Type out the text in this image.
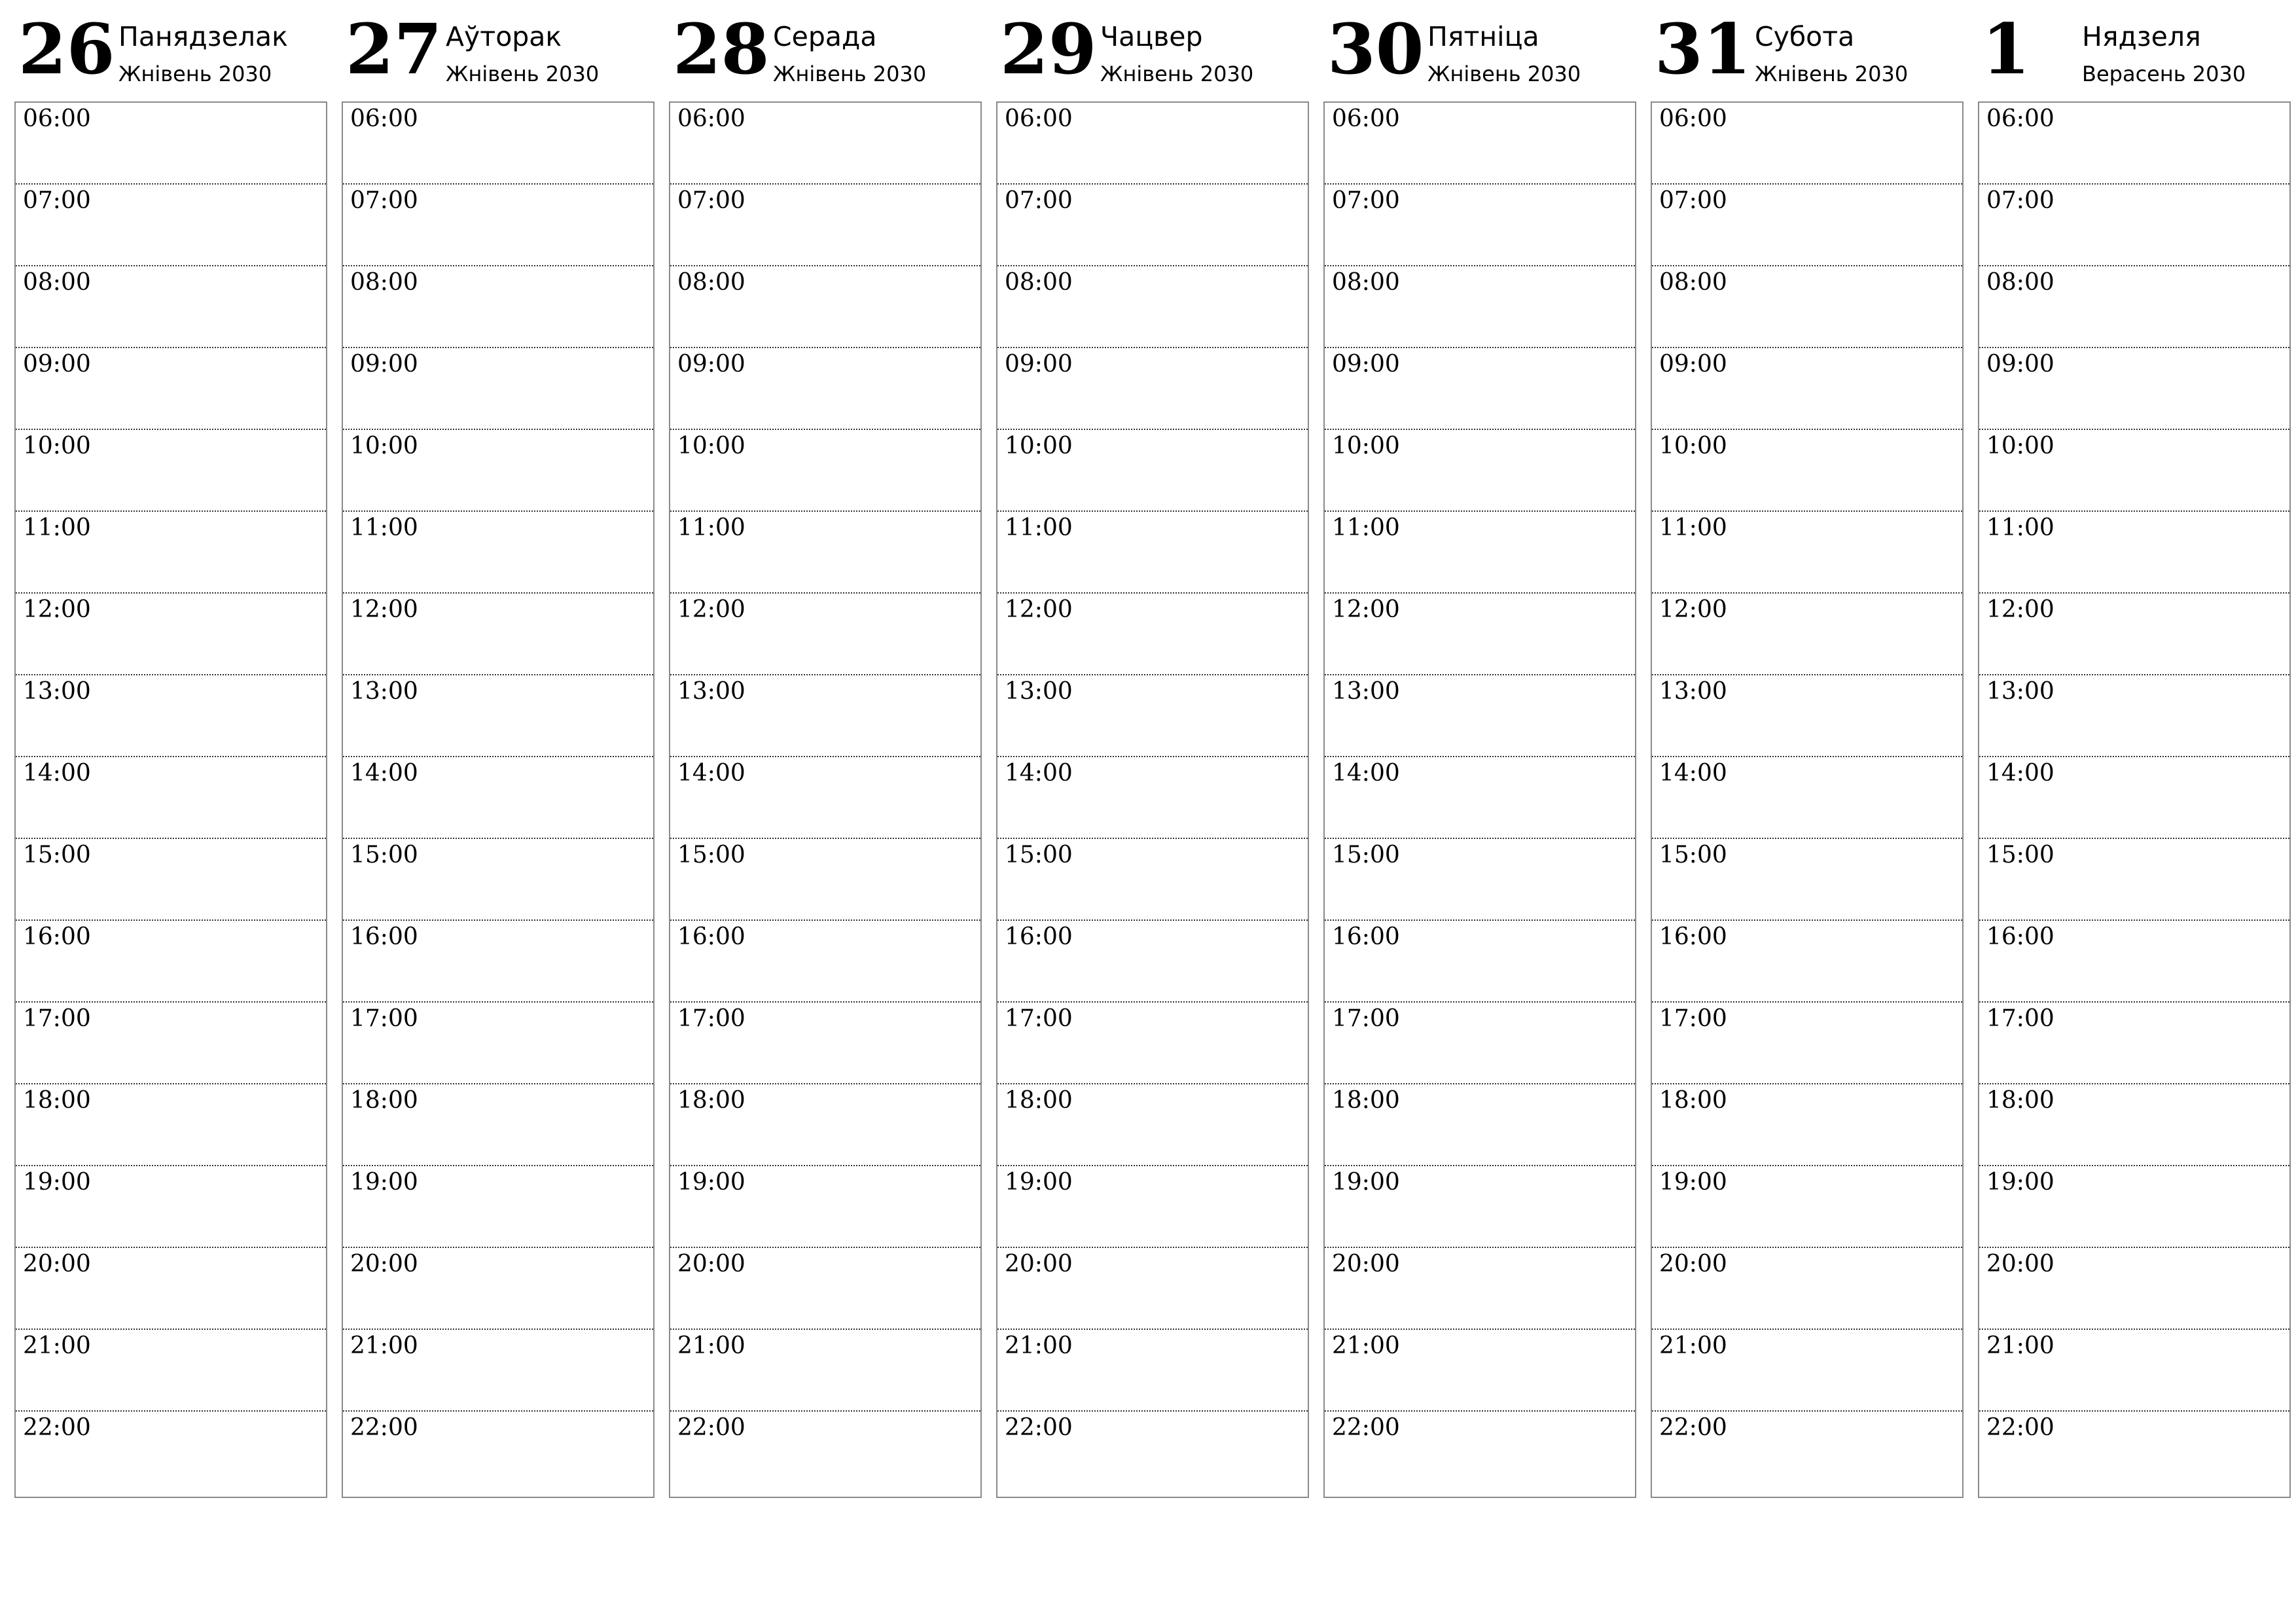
26 Панядзелак
Жнівень 2030
06:00
07:00
08:00
09:00
10:00
11:00
12:00
13:00
14:00
15:00
16:00
17:00
18:00
19:00
20:00
21:00
22:00
27 Аўторак
Жнівень 2030
06:00
07:00
08:00
09:00
10:00
11:00
12:00
13:00
14:00
15:00
16:00
17:00
18:00
19:00
20:00
21:00
22:00
28 Серада
Жнівень 2030
06:00
07:00
08:00
09:00
10:00
11:00
12:00
13:00
14:00
15:00
16:00
17:00
18:00
19:00
20:00
21:00
22:00
29 Чацвер
Жнівень 2030
06:00
07:00
08:00
09:00
10:00
11:00
12:00
13:00
14:00
15:00
16:00
17:00
18:00
19:00
20:00
21:00
22:00
30 Пятніца
Жнівень 2030
06:00
07:00
08:00
09:00
10:00
11:00
12:00
13:00
14:00
15:00
16:00
17:00
18:00
19:00
20:00
21:00
22:00
31 Субота
Жнівень 2030
06:00
07:00
08:00
09:00
10:00
11:00
12:00
13:00
14:00
15:00
16:00
17:00
18:00
19:00
20:00
21:00
22:00
1 Нядзеля
Верасень 2030
06:00
07:00
08:00
09:00
10:00
11:00
12:00
13:00
14:00
15:00
16:00
17:00
18:00
19:00
20:00
21:00
22:00
